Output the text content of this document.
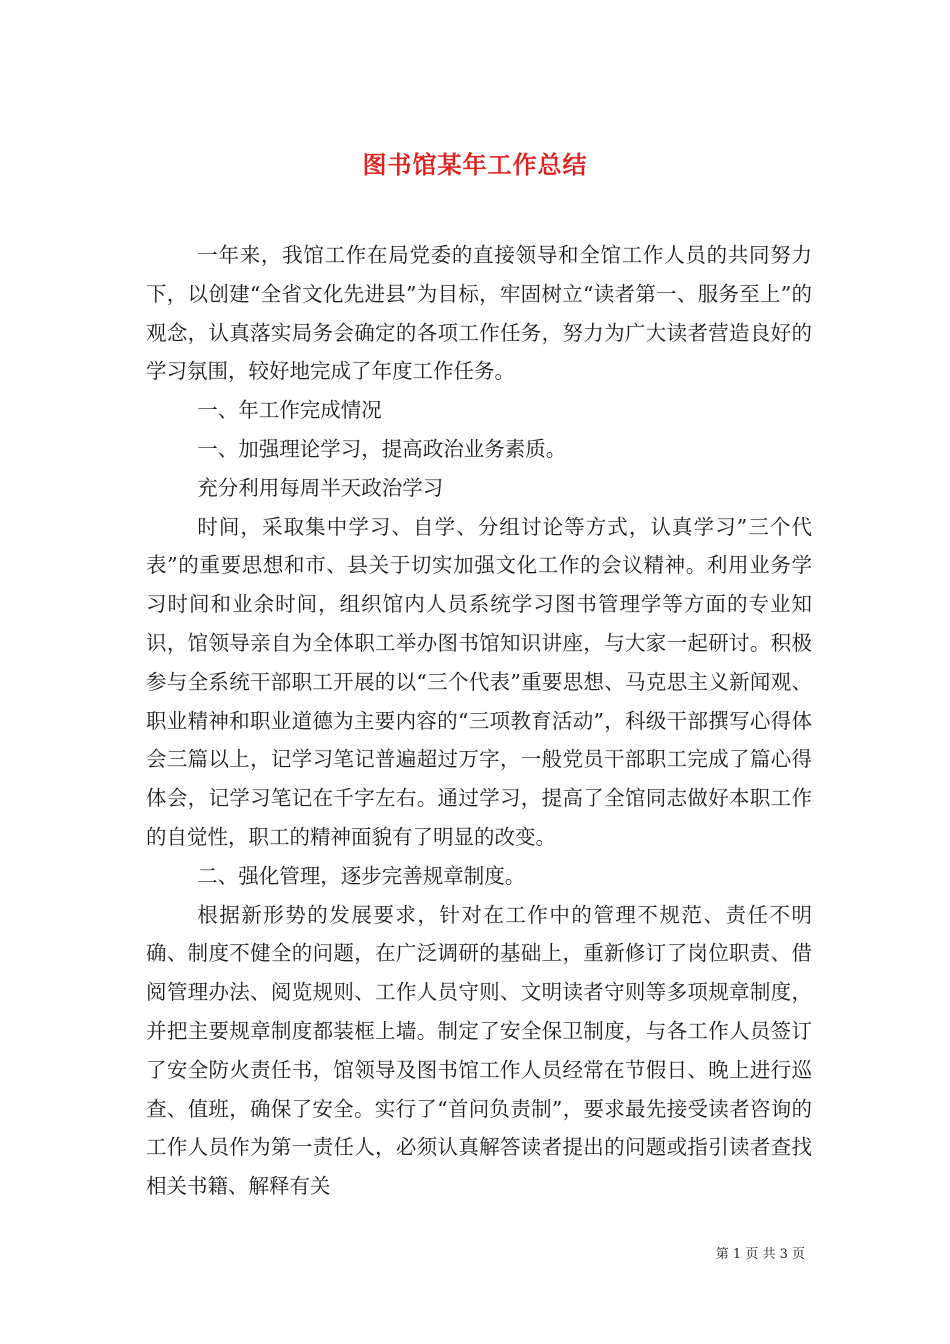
图书馆某年工作总结

一年来，我馆工作在局党委的直接领导和全馆工作人员的共同努力下，以创建“全省文化先进县”为目标，牢固树立“读者第一、服务至上”的观念，认真落实局务会确定的各项工作任务，努力为广大读者营造良好的学习氛围，较好地完成了年度工作任务。

一、年工作完成情况

一、加强理论学习，提高政治业务素质。

充分利用每周半天政治学习

时间，采取集中学习、自学、分组讨论等方式，认真学习”三个代表”的重要思想和市、县关于切实加强文化工作的会议精神。利用业务学习时间和业余时间，组织馆内人员系统学习图书管理学等方面的专业知识，馆领导亲自为全体职工举办图书馆知识讲座，与大家一起研讨。积极参与全系统干部职工开展的以“三个代表”重要思想、马克思主义新闻观、职业精神和职业道德为主要内容的“三项教育活动”，科级干部撰写心得体会三篇以上，记学习笔记普遍超过万字，一般党员干部职工完成了篇心得体会，记学习笔记在千字左右。通过学习，提高了全馆同志做好本职工作的自觉性，职工的精神面貌有了明显的改变。

二、强化管理，逐步完善规章制度。

根据新形势的发展要求，针对在工作中的管理不规范、责任不明确、制度不健全的问题，在广泛调研的基础上，重新修订了岗位职责、借阅管理办法、阅览规则、工作人员守则、文明读者守则等多项规章制度，并把主要规章制度都装框上墙。制定了安全保卫制度，与各工作人员签订了安全防火责任书，馆领导及图书馆工作人员经常在节假日、晚上进行巡查、值班，确保了安全。实行了“首问负责制”，要求最先接受读者咨询的工作人员作为第一责任人，必须认真解答读者提出的问题或指引读者查找相关书籍、解释有关

第 1 页 共 3 页
